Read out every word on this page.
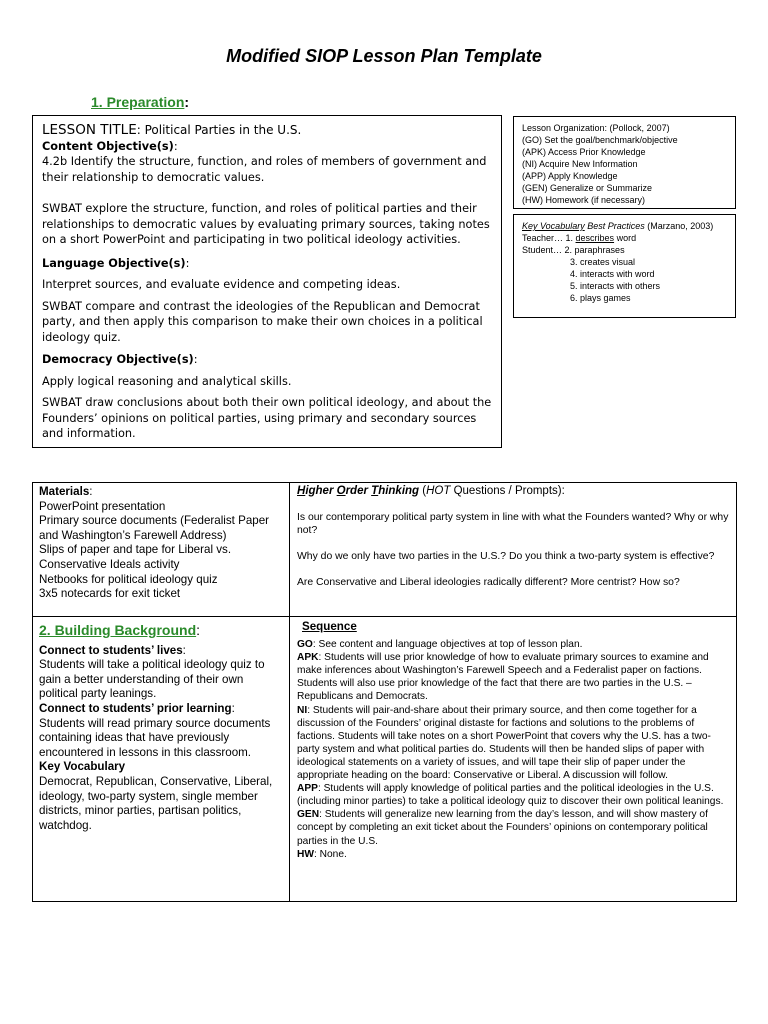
Modified SIOP Lesson Plan Template
1. Preparation:

LESSON TITLE: Political Parties in the U.S.

Content Objective(s):

4.2b Identify the structure, function, and roles of members of government and their relationship to democratic values.

SWBAT explore the structure, function, and roles of political parties and their relationships to democratic values by evaluating primary sources, taking notes on a short PowerPoint and participating in two political ideology activities.

Language Objective(s):

Interpret sources, and evaluate evidence and competing ideas.

SWBAT compare and contrast the ideologies of the Republican and Democrat party, and then apply this comparison to make their own choices in a political ideology quiz.

Democracy Objective(s):

Apply logical reasoning and analytical skills.

SWBAT draw conclusions about both their own political ideology, and about the Founders’ opinions on political parties, using primary and secondary sources and information.

Lesson Organization: (Pollock, 2007)

(GO) Set the goal/benchmark/objective

(APK) Access Prior Knowledge

(NI) Acquire New Information

(APP) Apply Knowledge

(GEN) Generalize or Summarize

(HW) Homework (if necessary)

Key Vocabulary Best Practices (Marzano, 2003)

Teacher… 1. describes word

Student… 2. paraphrases

3. creates visual

4. interacts with word

5. interacts with others

6. plays games

Materials:

PowerPoint presentation

Primary source documents (Federalist Paper and Washington’s Farewell Address)

Slips of paper and tape for Liberal vs. Conservative Ideals activity

Netbooks for political ideology quiz

3x5 notecards for exit ticket

Higher Order Thinking (HOT Questions / Prompts):

Is our contemporary political party system in line with what the Founders wanted? Why or why not?

Why do we only have two parties in the U.S.? Do you think a two-party system is effective?

Are Conservative and Liberal ideologies radically different? More centrist? How so?

2. Building Background:

Connect to students’ lives:

Students will take a political ideology quiz to gain a better understanding of their own political party leanings.

Connect to students’ prior learning:

Students will read primary source documents containing ideas that have previously encountered in lessons in this classroom.

Key Vocabulary

Democrat, Republican, Conservative, Liberal, ideology, two-party system, single member districts, minor parties, partisan politics, watchdog.

Sequence

GO: See content and language objectives at top of lesson plan.

APK: Students will use prior knowledge of how to evaluate primary sources to examine and make inferences about Washington’s Farewell Speech and a Federalist paper on factions. Students will also use prior knowledge of the fact that there are two parties in the U.S. – Republicans and Democrats.

NI: Students will pair-and-share about their primary source, and then come together for a discussion of the Founders’ original distaste for factions and solutions to the problems of factions. Students will take notes on a short PowerPoint that covers why the U.S. has a two-party system and what political parties do. Students will then be handed slips of paper with ideological statements on a variety of issues, and will tape their slip of paper under the appropriate heading on the board: Conservative or Liberal. A discussion will follow.

APP: Students will apply knowledge of political parties and the political ideologies in the U.S. (including minor parties) to take a political ideology quiz to discover their own political leanings.

GEN: Students will generalize new learning from the day’s lesson, and will show mastery of concept by completing an exit ticket about the Founders’ opinions on contemporary political parties in the U.S.

HW: None.
